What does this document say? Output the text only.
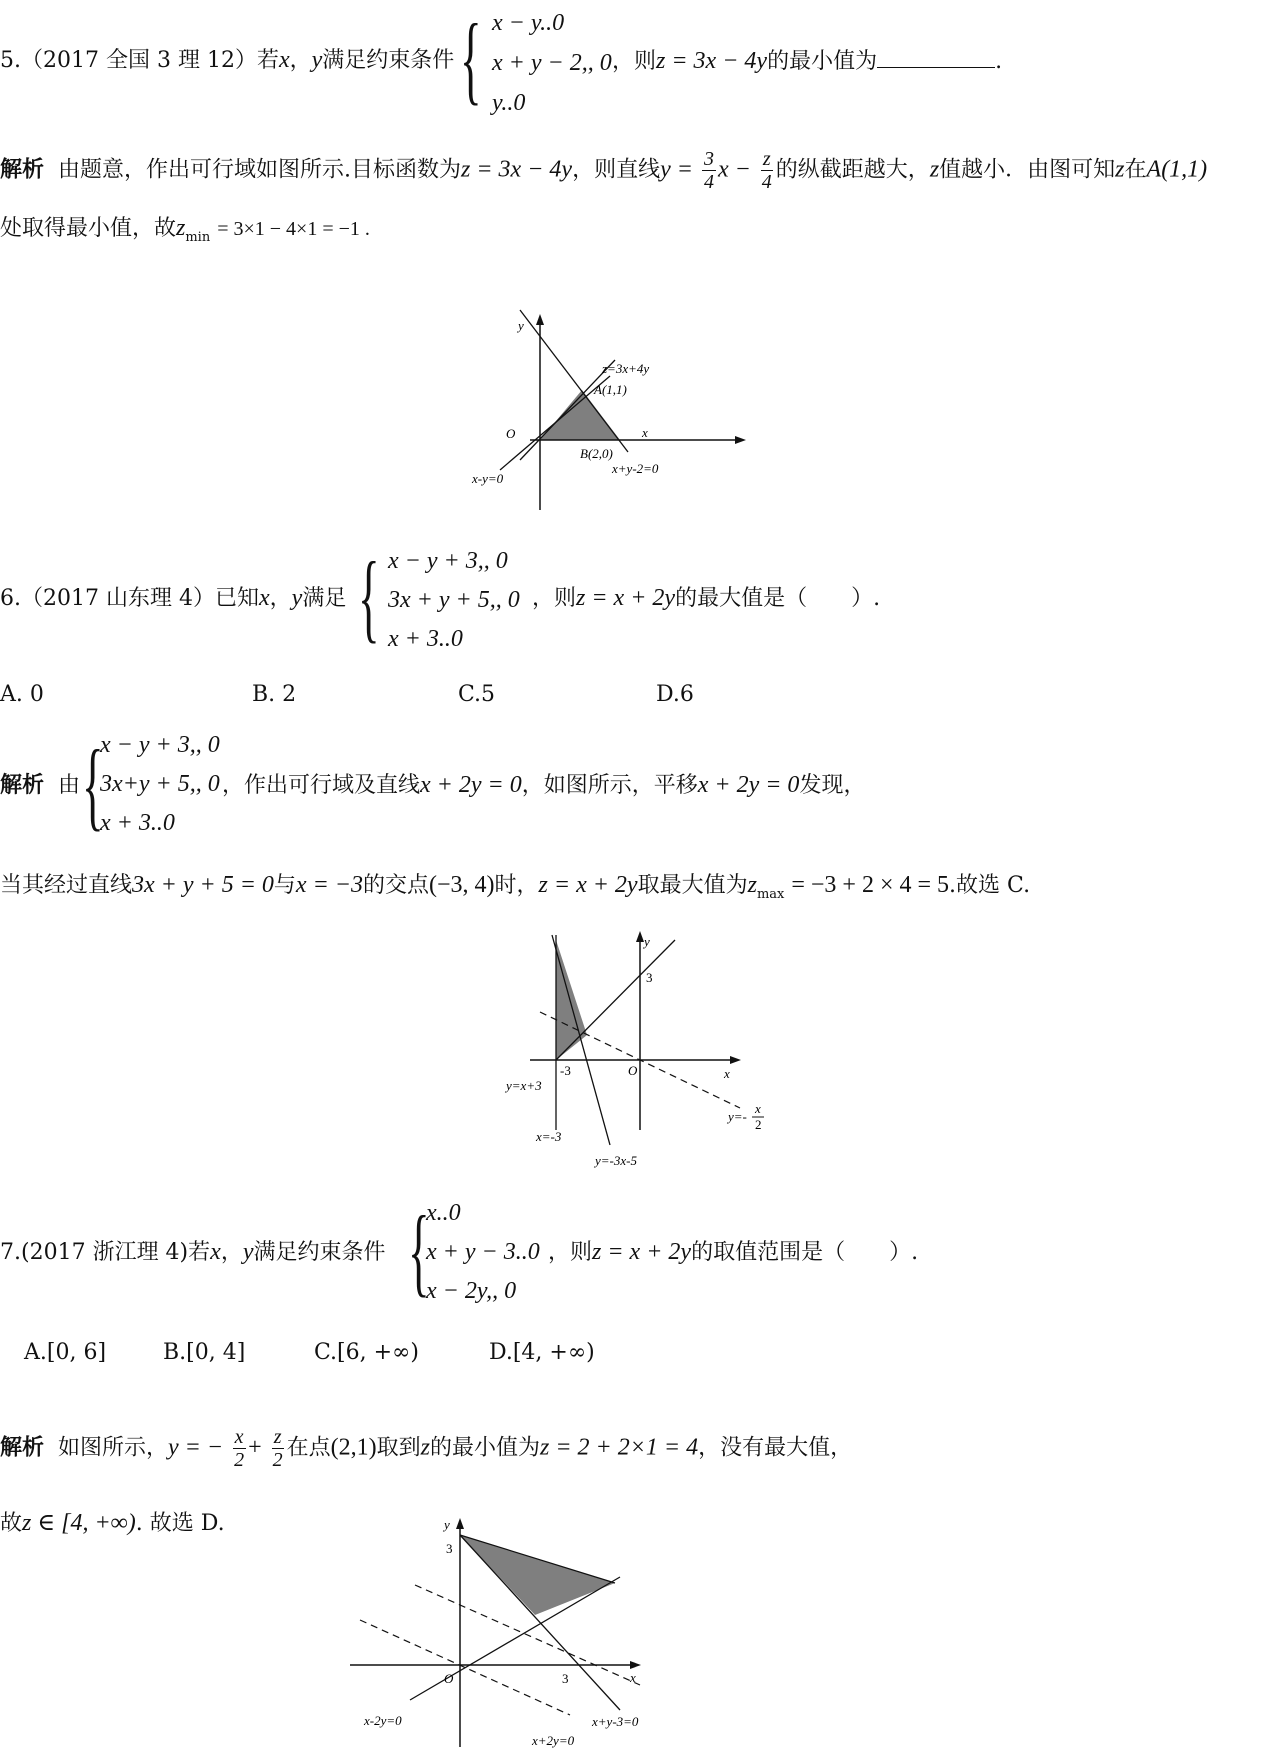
5.（2017 全国 3 理 12）若x，y满足约束条件 { x − y..0
x + y − 2,, 0
y..0
，则z = 3x − 4y的最小值为	.
解析 由题意，作出可行域如图所示.目标函数为z = 3x − 4y，则直线$y = \frac{3}{4}$ $x - \frac{z}{4}$ 的纵截距越大，z值越小．由图可知z在A(1,1)
处取得最小值，故$z_{min} = 3\times 1 - 4\times 1 = -1$ .
y
x
O
z=3x+4y
A(1,1)
B(2,0)
x-y=0
x+y-2=0
6.（2017 山东理 4）已知x，y满足 { x − y + 3,, 0
3x + y + 5,, 0
x + 3..0
，则z = x + 2y的最大值是（　　）.
A. 0	B. 2	C.5	D.6
解析 由 {
x − y + 3,, 0
3x+y + 5,, 0
x + 3..0
，作出可行域及直线x + 2y = 0，如图所示，平移x + 2y = 0发现，
当其经过直线3x + y + 5 = 0与x = −3的交点(−3, 4)时，z = x + 2y取最大值为$z_{max} = -3 + 2 \times 4 = 5$.故选 C.
y
x
O
3
-3
y=x+3
x=-3
y=-3x-5
y=-
x
2
7.(2017 浙江理 4)若x，y满足约束条件 {
x..0
x + y − 3..0
x − 2y,, 0
，则z = x + 2y的取值范围是（　　）.
A.[0, 6]	B.[0, 4]	C.[6, +∞)	D.[4, +∞)
解析 如图所示，y = − $\frac{x}{2} + \frac{z}{2}$ 在点(2,1)取到z的最小值为z = 2 + 2×1 = 4，没有最大值，
故z ∈ [4, +∞). 故选 D.	y
x
O
3
3
x-2y=0
x+2y=0
x+y-3=0
